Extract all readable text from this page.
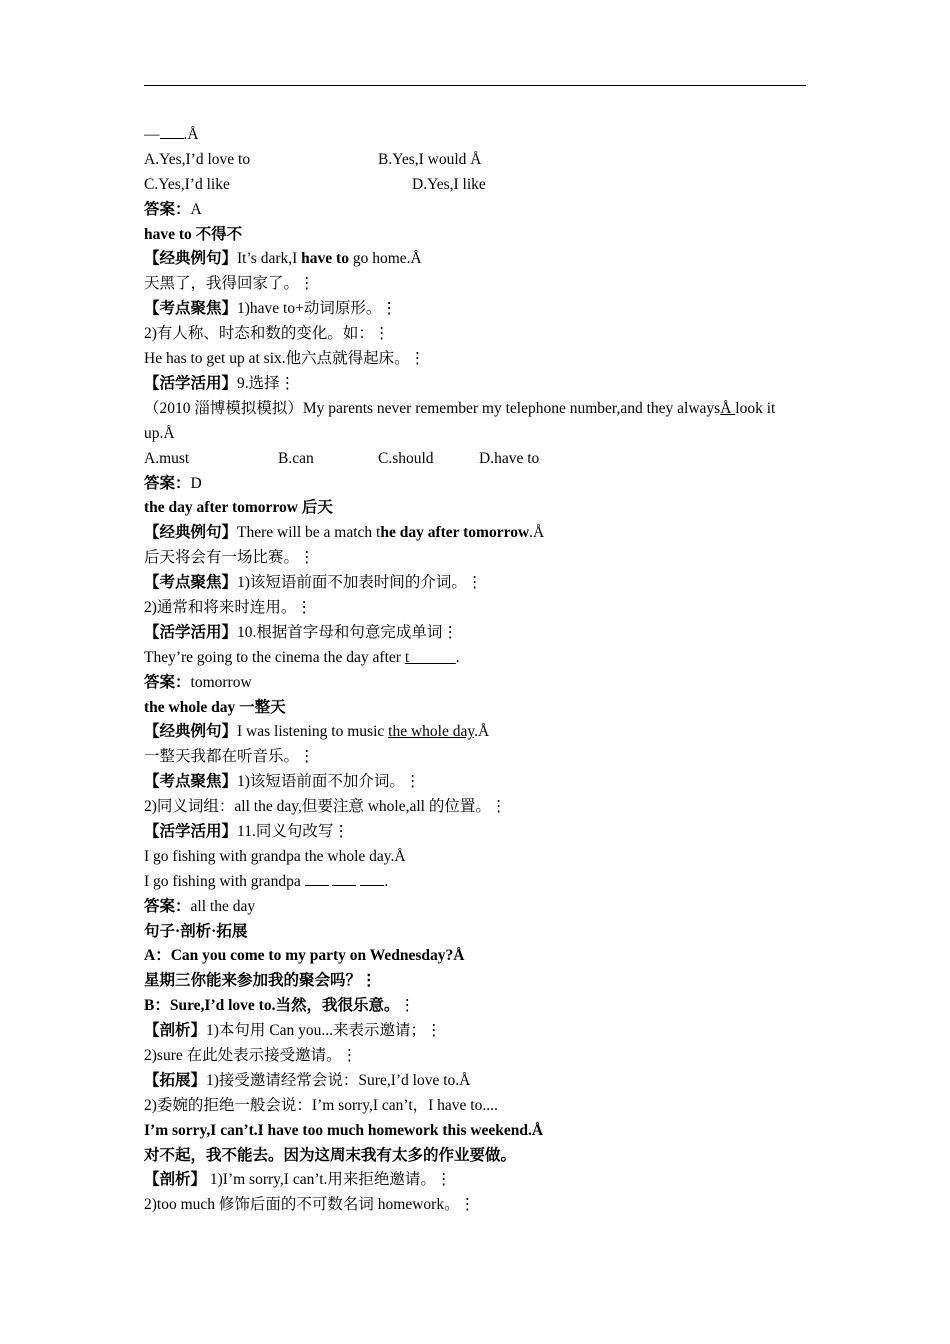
— .Å
A.Yes,I’d love to	B.Yes,I would Å
C.Yes,I’d like	D.Yes,I like
答案：A
have to 不得不
【经典例句】It’s dark,I have to go home.Å
天黑了，我得回家了。⋮
【考点聚焦】1)have to+动词原形。⋮
2)有人称、时态和数的变化。如：⋮
He has to get up at six.他六点就得起床。⋮
【活学活用】9.选择⋮
（2010 淄博模拟模拟）My parents never remember my telephone number,and they alwaysÅ look it up.Å
A.must	B.can	C.should	D.have to
答案：D
the day after tomorrow 后天
【经典例句】There will be a match the day after tomorrow.Å
后天将会有一场比赛。⋮
【考点聚焦】1)该短语前面不加表时间的介词。⋮
2)通常和将来时连用。⋮
【活学活用】10.根据首字母和句意完成单词⋮
They’re going to the cinema the day after t______.
答案：tomorrow
the whole day 一整天
【经典例句】I was listening to music the whole day.Å
一整天我都在听音乐。⋮
【考点聚焦】1)该短语前面不加介词。⋮
2)同义词组：all the day,但要注意 whole,all 的位置。⋮
【活学活用】11.同义句改写⋮
I go fishing with grandpa the whole day.Å
I go fishing with grandpa	.
答案：all the day
句子·剖析·拓展
A：Can you come to my party on Wednesday?Å
星期三你能来参加我的聚会吗？⋮
B：Sure,I’d love to.当然，我很乐意。⋮
【剖析】1)本句用 Can you...来表示邀请；⋮
2)sure 在此处表示接受邀请。⋮
【拓展】1)接受邀请经常会说：Sure,I’d love to.Å
2)委婉的拒绝一般会说：I’m sorry,I can’t，I have to....
I’m sorry,I can’t.I have too much homework this weekend.Å
对不起，我不能去。因为这周末我有太多的作业要做。
【剖析】 1)I’m sorry,I can’t.用来拒绝邀请。⋮
2)too much 修饰后面的不可数名词 homework。⋮
